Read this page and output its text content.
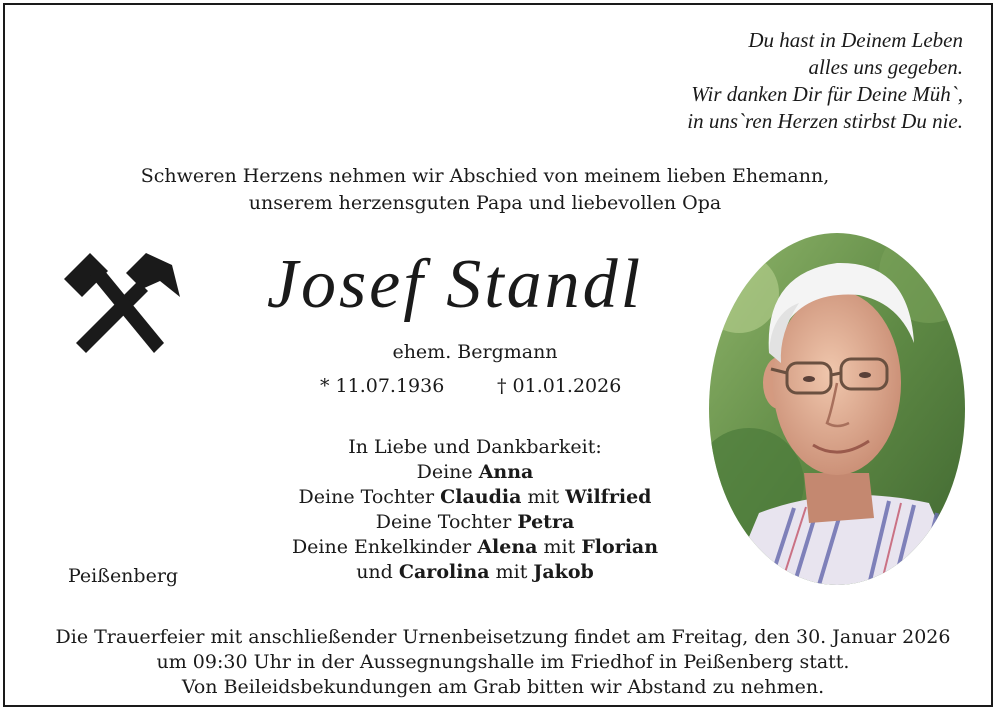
Du hast in Deinem Leben
alles uns gegeben.
Wir danken Dir für Deine Müh`,
in uns`ren Herzen stirbst Du nie.
Schweren Herzens nehmen wir Abschied von meinem lieben Ehemann,
unserem herzensguten Papa und liebevollen Opa
Josef Standl
ehem. Bergmann
* 11.07.1936	† 01.01.2026
In Liebe und Dankbarkeit:
Deine Anna
Deine Tochter Claudia mit Wilfried
Deine Tochter Petra
Deine Enkelkinder Alena mit Florian
und Carolina mit Jakob
Peißenberg
Die Trauerfeier mit anschließender Urnenbeisetzung findet am Freitag, den 30. Januar 2026
um 09:30 Uhr in der Aussegnungshalle im Friedhof in Peißenberg statt.
Von Beileidsbekundungen am Grab bitten wir Abstand zu nehmen.
